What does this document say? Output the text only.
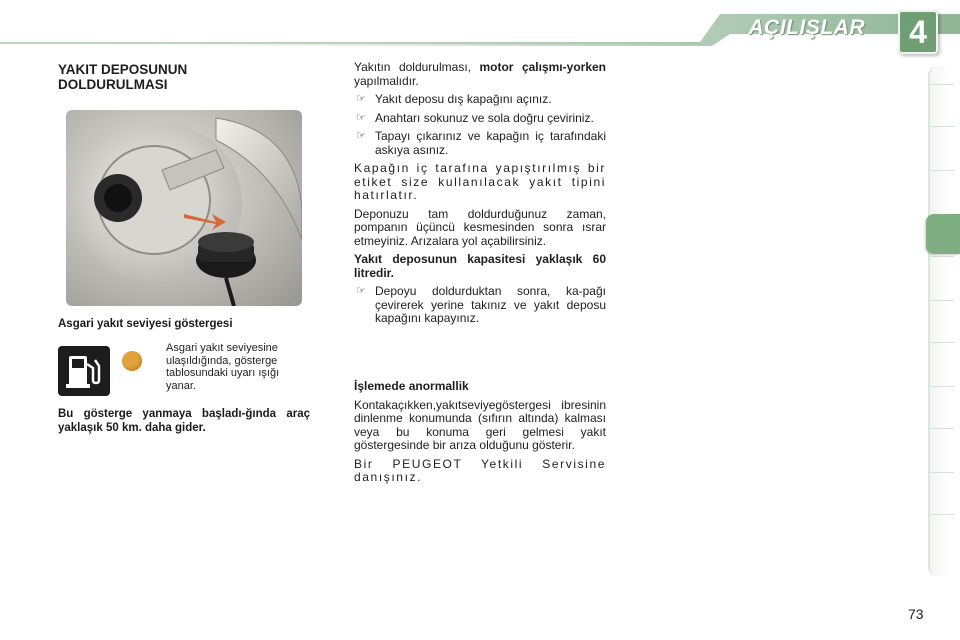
AÇILIŞLAR 4
YAKIT DEPOSUNUN
DOLDURULMASI
Asgari yakıt seviyesi göstergesi
Asgari yakıt seviyesine ulaşıldığında, gösterge tablosundaki uyarı ışığı yanar.
Bu gösterge yanmaya başladı-ğında araç yaklaşık 50 km. daha gider.

Yakıtın doldurulması, motor çalışmı-yorken yapılmalıdır.

☞ Yakıt deposu dış kapağını açınız.
☞ Anahtarı sokunuz ve sola doğru çeviriniz.
☞ Tapayı çıkarınız ve kapağın iç tarafındaki askıya asınız.

Kapağın iç tarafına yapıştırılmış bir etiket size kullanılacak yakıt tipini hatırlatır.

Deponuzu tam doldurduğunuz zaman, pompanın üçüncü kesmesinden sonra ısrar etmeyiniz. Arızalara yol açabilirsiniz.

Yakıt deposunun kapasitesi yaklaşık 60 litredir.

☞ Depoyu doldurduktan sonra, ka-pağı çevirerek yerine takınız ve yakıt deposu kapağını kapayınız.

İşlemede anormallik

Kontakaçıkken,yakıtseviyegöstergesi ibresinin dinlenme konumunda (sıfırın altında) kalması veya bu konuma geri gelmesi yakıt göstergesinde bir arıza olduğunu gösterir.

Bir PEUGEOT Yetkili Servisine danışınız.

73
